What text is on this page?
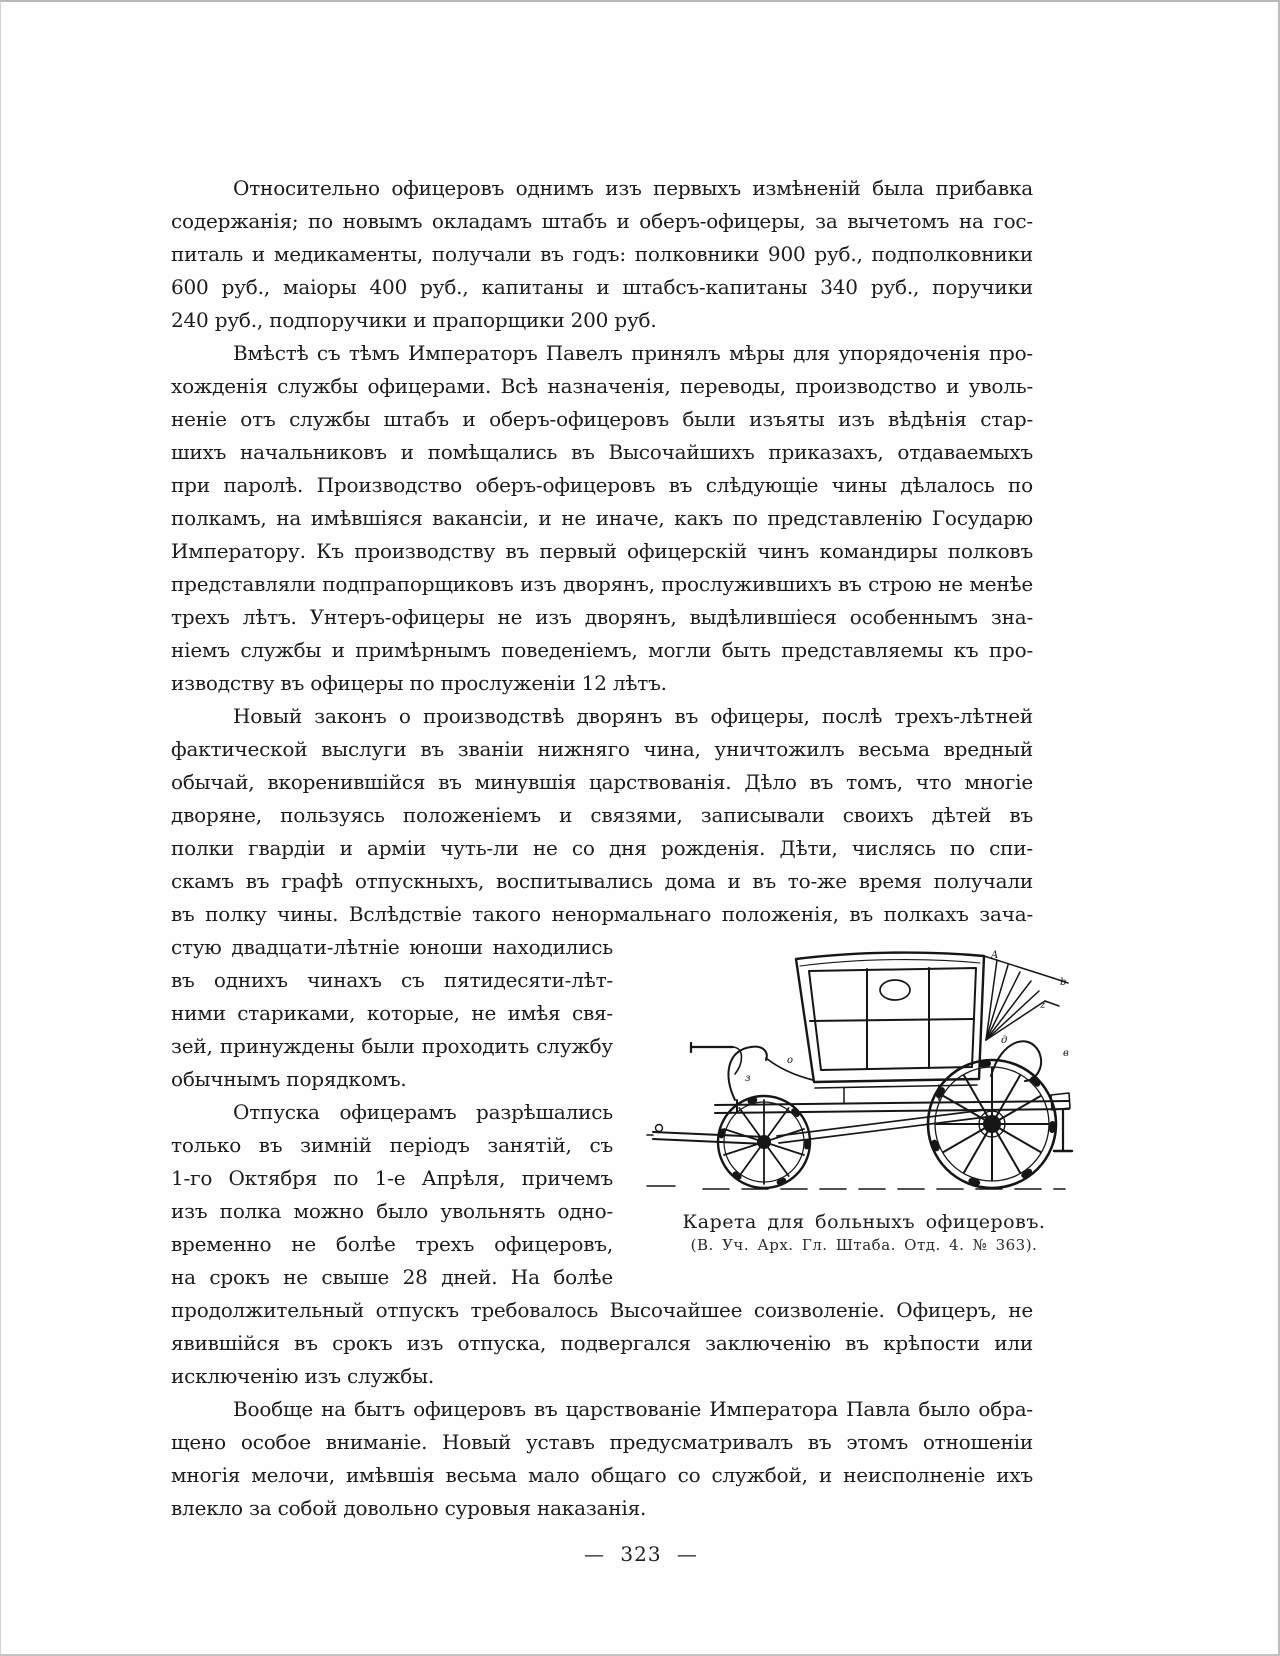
Относительно офицеровъ однимъ изъ первыхъ измѣненій была прибавка
содержанія; по новымъ окладамъ штабъ и оберъ-офицеры, за вычетомъ на гос-
питаль и медикаменты, получали въ годъ: полковники 900 руб., подполковники
600 руб., маіоры 400 руб., капитаны и штабсъ-капитаны 340 руб., поручики
240 руб., подпоручики и прапорщики 200 руб.
Вмѣстѣ съ тѣмъ Императоръ Павелъ принялъ мѣры для упорядоченія про-
хожденія службы офицерами. Всѣ назначенія, переводы, производство и уволь-
неніе отъ службы штабъ и оберъ-офицеровъ были изъяты изъ вѣдѣнія стар-
шихъ начальниковъ и помѣщались въ Высочайшихъ приказахъ, отдаваемыхъ
при паролѣ. Производство оберъ-офицеровъ въ слѣдующіе чины дѣлалось по
полкамъ, на имѣвшіяся вакансіи, и не иначе, какъ по представленію Государю
Императору. Къ производству въ первый офицерскій чинъ командиры полковъ
представляли подпрапорщиковъ изъ дворянъ, прослужившихъ въ строю не менѣе
трехъ лѣтъ. Унтеръ-офицеры не изъ дворянъ, выдѣлившіеся особеннымъ зна-
ніемъ службы и примѣрнымъ поведеніемъ, могли быть представляемы къ про-
изводству въ офицеры по прослуженіи 12 лѣтъ.
Новый законъ о производствѣ дворянъ въ офицеры, послѣ трехъ-лѣтней
фактической выслуги въ званіи нижняго чина, уничтожилъ весьма вредный
обычай, вкоренившійся въ минувшія царствованія. Дѣло въ томъ, что многіе
дворяне, пользуясь положеніемъ и связями, записывали своихъ дѣтей въ
полки гвардіи и арміи чуть-ли не со дня рожденія. Дѣти, числясь по спи-
скамъ въ графѣ отпускныхъ, воспитывались дома и въ то-же время получали
въ полку чины. Вслѣдствіе такого ненормальнаго положенія, въ полкахъ зача-
стую двадцати-лѣтніе юноши находились
въ однихъ чинахъ съ пятидесяти-лѣт-
ними стариками, которые, не имѣя свя-
зей, принуждены были проходить службу
обычнымъ порядкомъ.
Отпуска офицерамъ разрѣшались
только въ зимній періодъ занятій, съ
1-го Октября по 1-е Апрѣля, причемъ
изъ полка можно было увольнять одно-
временно не болѣе трехъ офицеровъ,
на срокъ не свыше 28 дней. На болѣе
продолжительный отпускъ требовалось Высочайшее соизволеніе. Офицеръ, не
явившійся въ срокъ изъ отпуска, подвергался заключенію въ крѣпости или
исключенію изъ службы.
Вообще на бытъ офицеровъ въ царствованіе Императора Павла было обра-
щено особое вниманіе. Новый уставъ предусматривалъ въ этомъ отношеніи
многія мелочи, имѣвшія весьма мало общаго со службой, и неисполненіе ихъ
влекло за собой довольно суровыя наказанія.
A
b
z
д
в
о
з
Карета для больныхъ офицеровъ.
(В. Уч. Арх. Гл. Штаба. Отд. 4. № 363).
— 323 —
